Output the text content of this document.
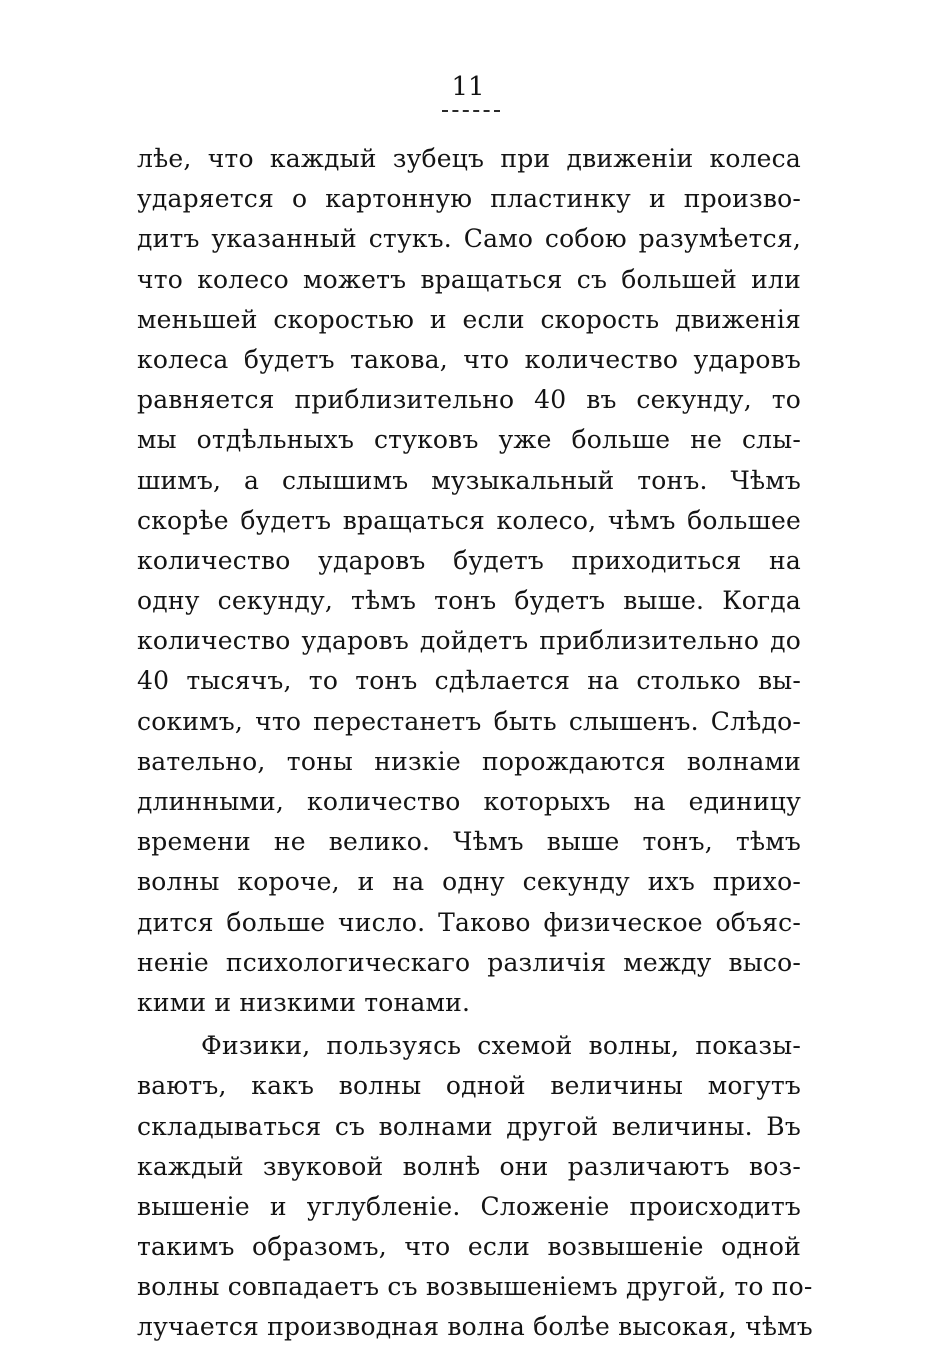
11
лѣе, что каждый зубецъ при движеніи колеса
ударяется о картонную пластинку и произво-
дитъ указанный стукъ. Само собою разумѣется,
что колесо можетъ вращаться съ большей или
меньшей скоростью и если скорость движенія
колеса будетъ такова, что количество ударовъ
равняется приблизительно 40 въ секунду, то
мы отдѣльныхъ стуковъ уже больше не слы-
шимъ, а слышимъ музыкальный тонъ. Чѣмъ
скорѣе будетъ вращаться колесо, чѣмъ большее
количество ударовъ будетъ приходиться на
одну секунду, тѣмъ тонъ будетъ выше. Когда
количество ударовъ дойдетъ приблизительно до
40 тысячъ, то тонъ сдѣлается на столько вы-
сокимъ, что перестанетъ быть слышенъ. Слѣдо-
вательно, тоны низкіе порождаются волнами
длинными, количество которыхъ на единицу
времени не велико. Чѣмъ выше тонъ, тѣмъ
волны короче, и на одну секунду ихъ прихо-
дится больше число. Таково физическое объяс-
неніе психологическаго различія между высо-
кими и низкими тонами.
Физики, пользуясь схемой волны, показы-
ваютъ, какъ волны одной величины могутъ
складываться съ волнами другой величины. Въ
каждый звуковой волнѣ они различаютъ воз-
вышеніе и углубленіе. Сложеніе происходитъ
такимъ образомъ, что если возвышеніе одной
волны совпадаетъ съ возвышеніемъ другой, то по-
лучается производная волна болѣе высокая, чѣмъ
